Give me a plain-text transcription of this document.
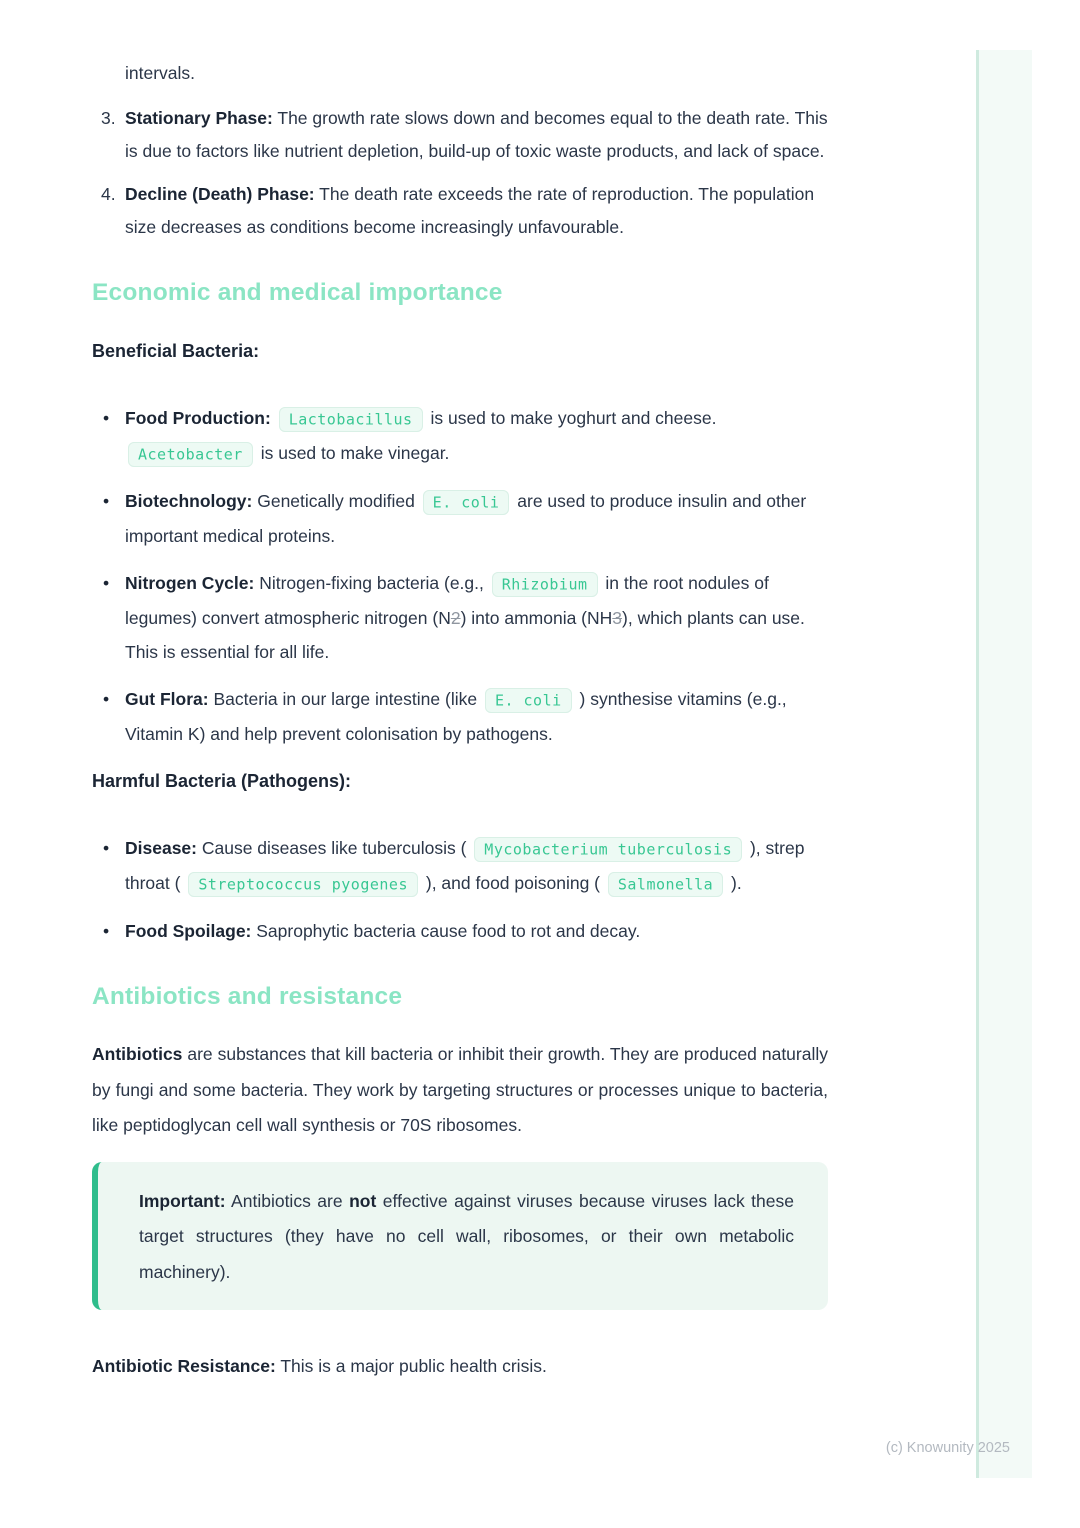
intervals.
3. Stationary Phase: The growth rate slows down and becomes equal to the death rate. This is due to factors like nutrient depletion, build-up of toxic waste products, and lack of space.
4. Decline (Death) Phase: The death rate exceeds the rate of reproduction. The population size decreases as conditions become increasingly unfavourable.
Economic and medical importance
Beneficial Bacteria:
• Food Production: Lactobacillus is used to make yoghurt and cheese. Acetobacter is used to make vinegar.
• Biotechnology: Genetically modified E. coli are used to produce insulin and other important medical proteins.
• Nitrogen Cycle: Nitrogen-fixing bacteria (e.g., Rhizobium in the root nodules of legumes) convert atmospheric nitrogen (N2) into ammonia (NH3), which plants can use. This is essential for all life.
• Gut Flora: Bacteria in our large intestine (like E. coli ) synthesise vitamins (e.g., Vitamin K) and help prevent colonisation by pathogens.
Harmful Bacteria (Pathogens):
• Disease: Cause diseases like tuberculosis ( Mycobacterium tuberculosis ), strep throat ( Streptococcus pyogenes ), and food poisoning ( Salmonella ).
• Food Spoilage: Saprophytic bacteria cause food to rot and decay.
Antibiotics and resistance
Antibiotics are substances that kill bacteria or inhibit their growth. They are produced naturally by fungi and some bacteria. They work by targeting structures or processes unique to bacteria, like peptidoglycan cell wall synthesis or 70S ribosomes.
Important: Antibiotics are not effective against viruses because viruses lack these target structures (they have no cell wall, ribosomes, or their own metabolic machinery).
Antibiotic Resistance: This is a major public health crisis.
(c) Knowunity 2025
